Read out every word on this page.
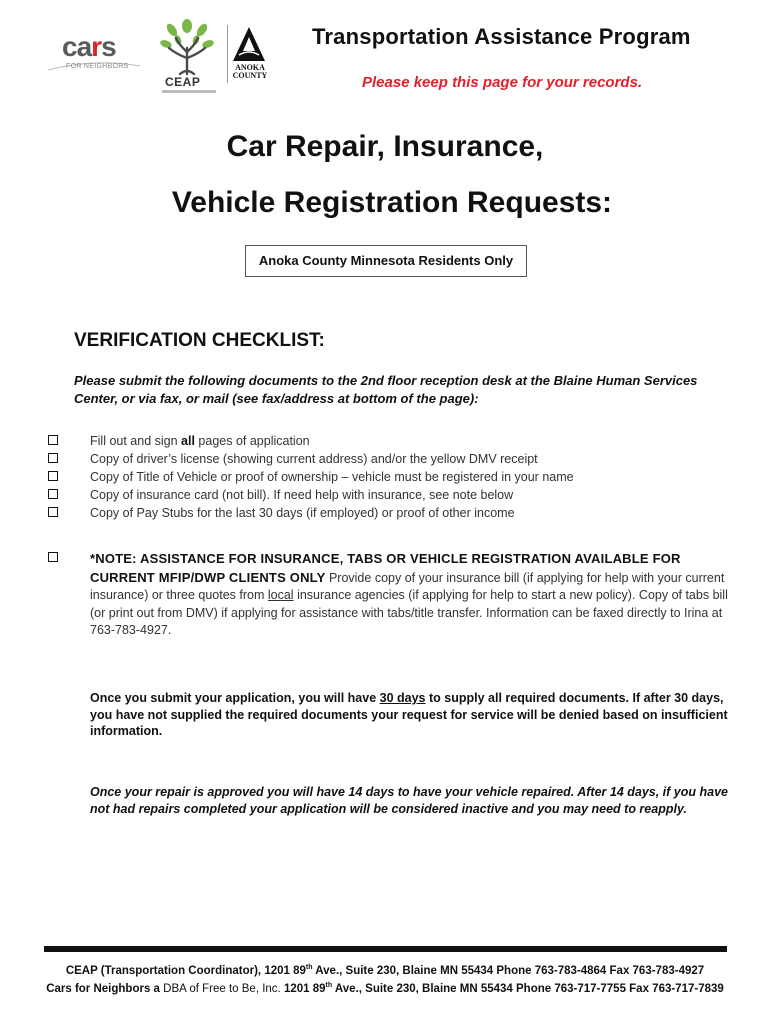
cars
FOR NEIGHBORS
CEAP
ANOKA
COUNTY
Transportation Assistance Program
Please keep this page for your records.
Car Repair, Insurance,
Vehicle Registration Requests:
Anoka County Minnesota Residents Only
VERIFICATION CHECKLIST:
Please submit the following documents to the 2nd floor reception desk at the Blaine Human Services Center, or via fax, or mail (see fax/address at bottom of the page):
Fill out and sign all pages of application
Copy of driver’s license (showing current address) and/or the yellow DMV receipt
Copy of Title of Vehicle or proof of ownership – vehicle must be registered in your name
Copy of insurance card (not bill). If need help with insurance, see note below
Copy of Pay Stubs for the last 30 days (if employed) or proof of other income
*NOTE: ASSISTANCE FOR INSURANCE, TABS OR VEHICLE REGISTRATION AVAILABLE FOR CURRENT MFIP/DWP CLIENTS ONLY Provide copy of your insurance bill (if applying for help with your current insurance) or three quotes from local insurance agencies (if applying for help to start a new policy). Copy of tabs bill (or print out from DMV) if applying for assistance with tabs/title transfer. Information can be faxed directly to Irina at 763-783-4927.
Once you submit your application, you will have 30 days to supply all required documents. If after 30 days, you have not supplied the required documents your request for service will be denied based on insufficient information.
Once your repair is approved you will have 14 days to have your vehicle repaired. After 14 days, if you have not had repairs completed your application will be considered inactive and you may need to reapply.
CEAP (Transportation Coordinator), 1201 89th Ave., Suite 230, Blaine MN 55434 Phone 763-783-4864 Fax 763-783-4927
Cars for Neighbors a DBA of Free to Be, Inc. 1201 89th Ave., Suite 230, Blaine MN 55434 Phone 763-717-7755 Fax 763-717-7839
